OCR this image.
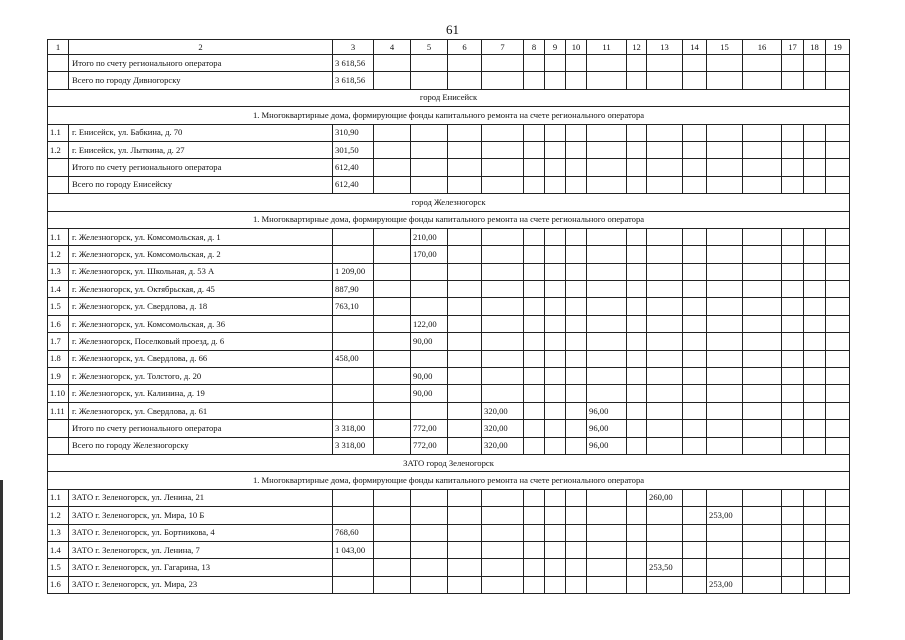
61
1	2	3	4	5	6	7	8	9	10	11	12	13	14	15	16	17	18	19
	Итого по счету регионального оператора	3 618,56																
	Всего по городу Дивногорску	3 618,56																
город Енисейск																		
1. Многоквартирные дома, формирующие фонды капитального ремонта на счете регионального оператора																		
1.1	г. Енисейск, ул. Бабкина, д. 70	310,90																
1.2	г. Енисейск, ул. Лыткина, д. 27	301,50																
	Итого по счету регионального оператора	612,40																
	Всего по городу Енисейску	612,40																
город Железногорск																		
1. Многоквартирные дома, формирующие фонды капитального ремонта на счете регионального оператора																		
1.1	г. Железногорск, ул. Комсомольская, д. 1			210,00														
1.2	г. Железногорск, ул. Комсомольская, д. 2			170,00														
1.3	г. Железногорск, ул. Школьная, д. 53 А	1 209,00																
1.4	г. Железногорск, ул. Октябрьская, д. 45	887,90																
1.5	г. Железногорск, ул. Свердлова, д. 18	763,10																
1.6	г. Железногорск, ул. Комсомольская, д. 36			122,00														
1.7	г. Железногорск, Поселковый проезд, д. 6			90,00														
1.8	г. Железногорск, ул. Свердлова, д. 66	458,00																
1.9	г. Железногорск, ул. Толстого, д. 20			90,00														
1.10	г. Железногорск, ул. Калинина, д. 19			90,00														
1.11	г. Железногорск, ул. Свердлова, д. 61					320,00				96,00								
	Итого по счету регионального оператора	3 318,00		772,00		320,00				96,00								
	Всего по городу Железногорску	3 318,00		772,00		320,00				96,00								
ЗАТО город Зеленогорск																		
1. Многоквартирные дома, формирующие фонды капитального ремонта на счете регионального оператора																		
1.1	ЗАТО г. Зеленогорск, ул. Ленина, 21											260,00						
1.2	ЗАТО г. Зеленогорск, ул. Мира, 10 Б													253,00				
1.3	ЗАТО г. Зеленогорск, ул. Бортникова, 4	768,60																
1.4	ЗАТО г. Зеленогорск, ул. Ленина, 7	1 043,00																
1.5	ЗАТО г. Зеленогорск, ул. Гагарина, 13											253,50						
1.6	ЗАТО г. Зеленогорск, ул. Мира, 23													253,00				
